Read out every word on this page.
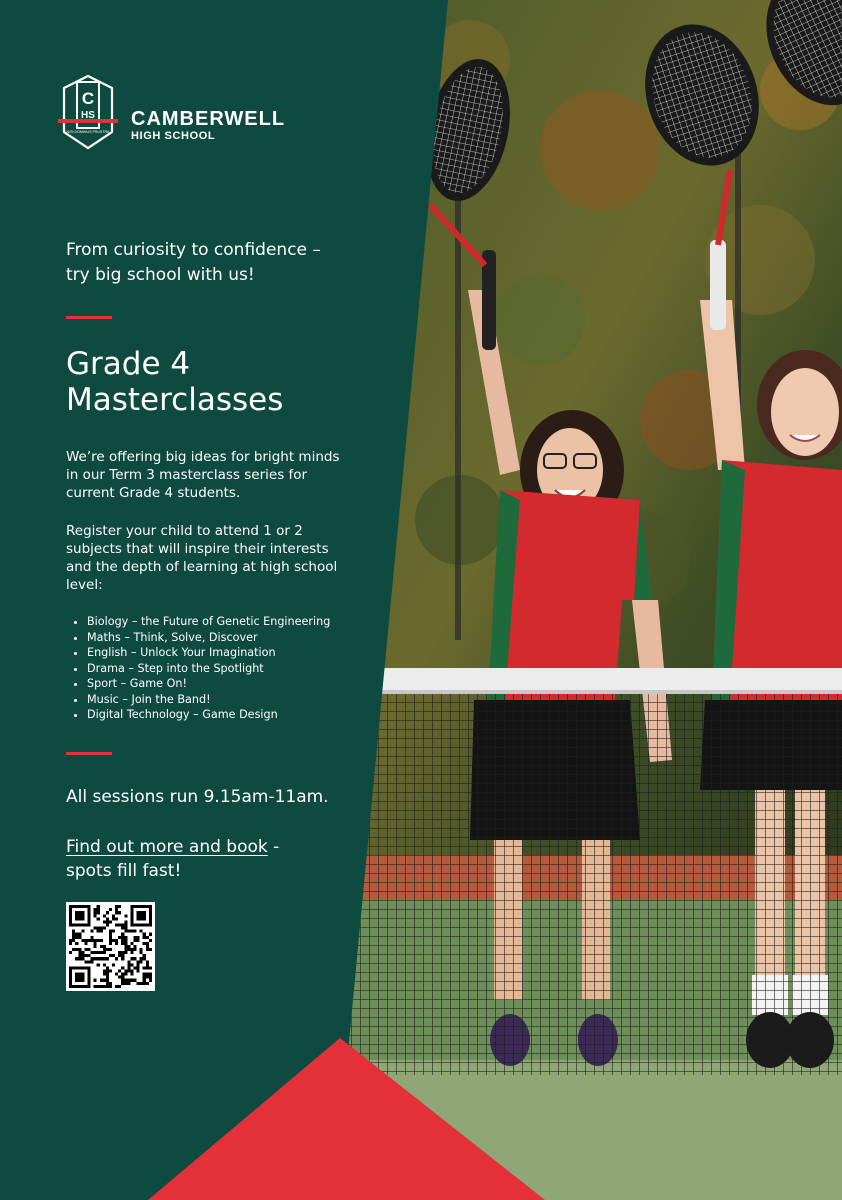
C
HS
NISI DOMINUS FRUSTRA
CAMBERWELL
HIGH SCHOOL
From curiosity to confidence –
try big school with us!
Grade 4
Masterclasses

We’re offering big ideas for bright minds
in our Term 3 masterclass series for
current Grade 4 students.

Register your child to attend 1 or 2
subjects that will inspire their interests
and the depth of learning at high school
level:

• Biology – the Future of Genetic Engineering
• Maths – Think, Solve, Discover
• English – Unlock Your Imagination
• Drama – Step into the Spotlight
• Sport – Game On!
• Music – Join the Band!
• Digital Technology – Game Design
All sessions run 9.15am-11am.
Find out more and book -
spots fill fast!
